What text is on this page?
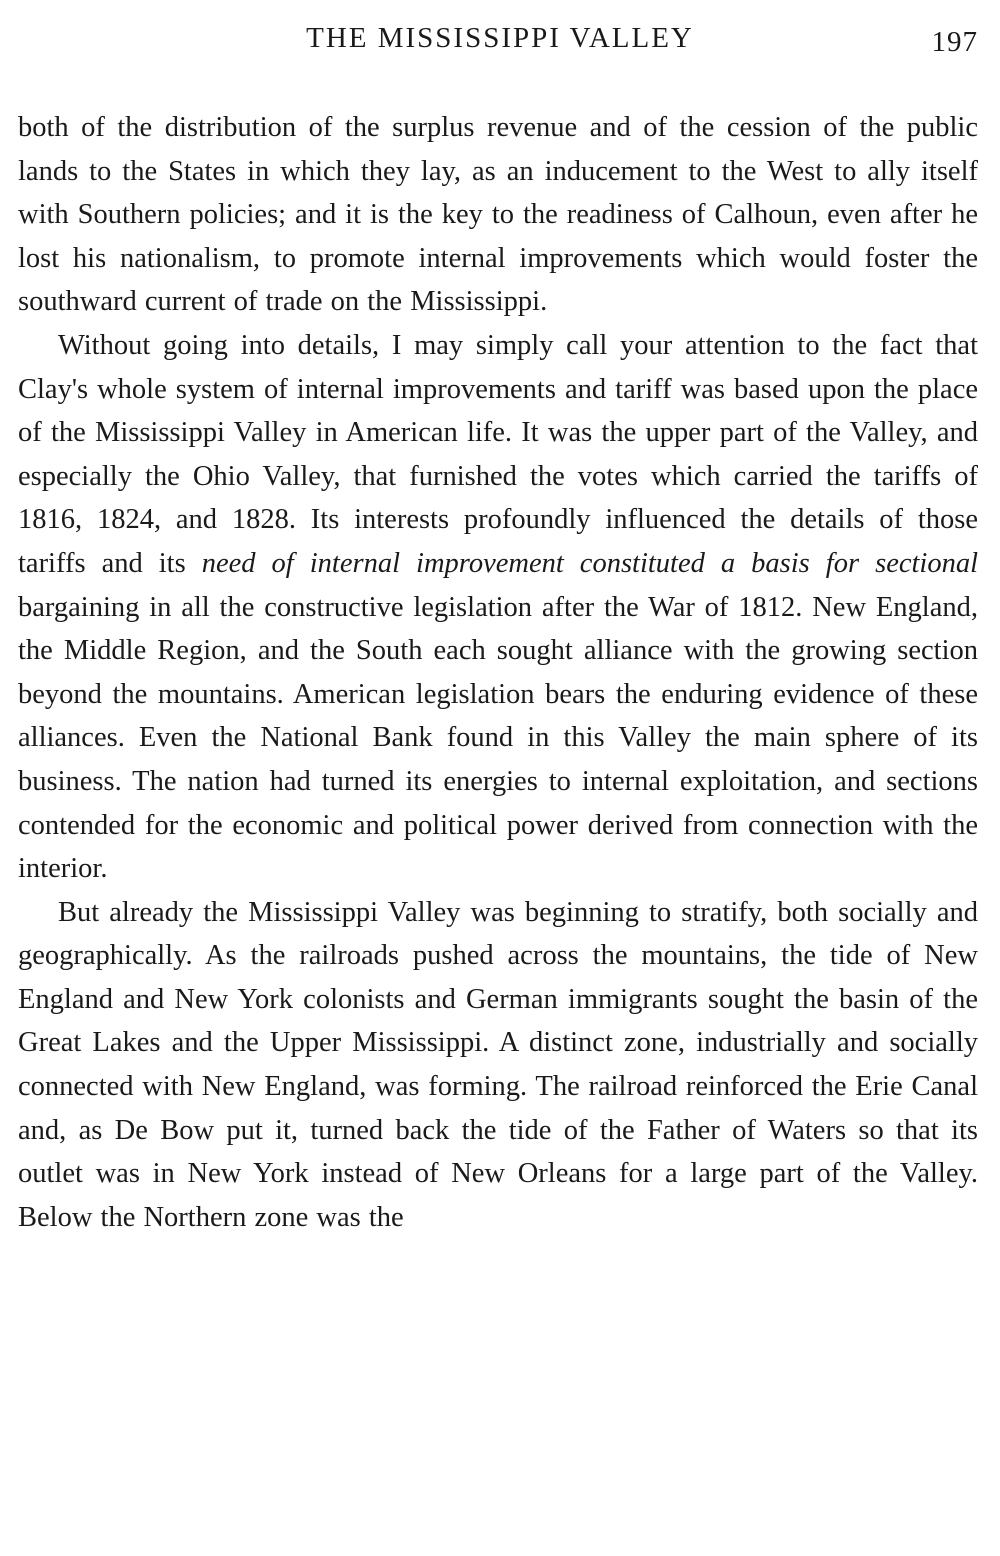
THE MISSISSIPPI VALLEY	197

both of the distribution of the surplus revenue and of the cession of the public lands to the States in which they lay, as an inducement to the West to ally itself with Southern policies; and it is the key to the readiness of Calhoun, even after he lost his nationalism, to promote internal improvements which would foster the southward current of trade on the Mississippi.

Without going into details, I may simply call your attention to the fact that Clay's whole system of internal improvements and tariff was based upon the place of the Mississippi Valley in American life. It was the upper part of the Valley, and especially the Ohio Valley, that furnished the votes which carried the tariffs of 1816, 1824, and 1828. Its interests profoundly influenced the details of those tariffs and its need of internal improvement constituted a basis for sectional bargaining in all the constructive legislation after the War of 1812. New England, the Middle Region, and the South each sought alliance with the growing section beyond the mountains. American legislation bears the enduring evidence of these alliances. Even the National Bank found in this Valley the main sphere of its business. The nation had turned its energies to internal exploitation, and sections contended for the economic and political power derived from connection with the interior.

But already the Mississippi Valley was beginning to stratify, both socially and geographically. As the railroads pushed across the mountains, the tide of New England and New York colonists and German immigrants sought the basin of the Great Lakes and the Upper Mississippi. A distinct zone, industrially and socially connected with New England, was forming. The railroad reinforced the Erie Canal and, as De Bow put it, turned back the tide of the Father of Waters so that its outlet was in New York instead of New Orleans for a large part of the Valley. Below the Northern zone was the
